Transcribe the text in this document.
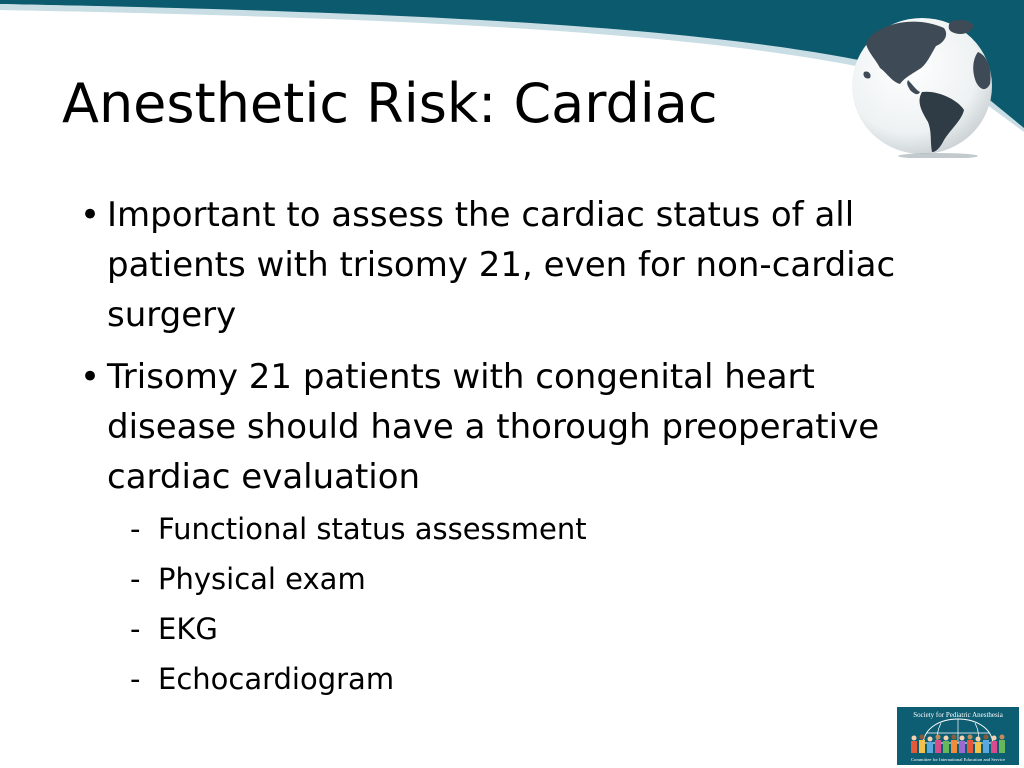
Anesthetic Risk: Cardiac
• Important to assess the cardiac status of all patients with trisomy 21, even for non-cardiac surgery
• Trisomy 21 patients with congenital heart disease should have a thorough preoperative cardiac evaluation
- Functional status assessment
- Physical exam
- EKG
- Echocardiogram
Society for Pediatric Anesthesia
Committee for International Education and Service
